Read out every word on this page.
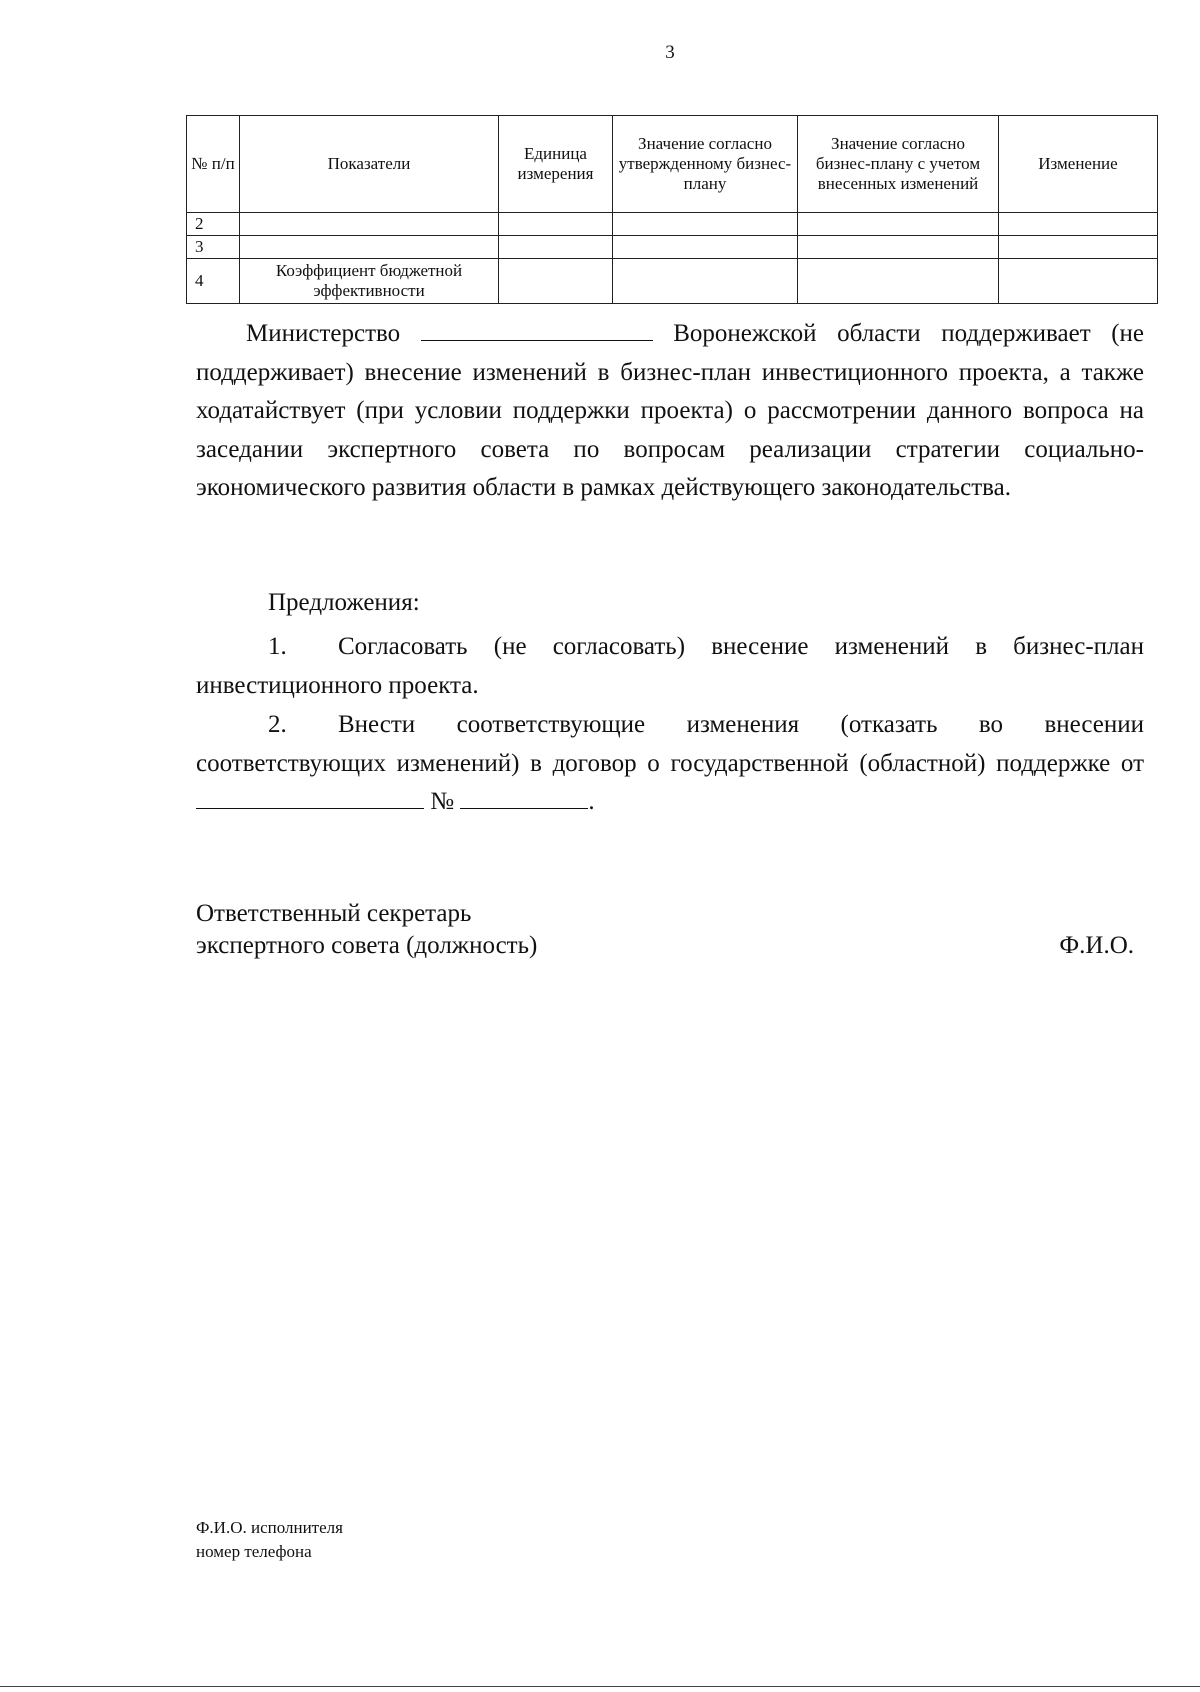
3
№ п/п	Показатели	Единица измерения	Значение согласно утвержденному бизнес-плану	Значение согласно бизнес-плану с учетом внесенных изменений	Изменение
2					
3					
4	Коэффициент бюджетной эффективности				

Министерство	Воронежской области поддерживает (не поддерживает) внесение изменений в бизнес-план инвестиционного проекта, а также ходатайствует (при условии поддержки проекта) о рассмотрении данного вопроса на заседании экспертного совета по вопросам реализации стратегии социально-экономического развития области в рамках действующего законодательства.

Предложения:

1. Согласовать (не согласовать) внесение изменений в бизнес-план инвестиционного проекта.

2. Внести соответствующие изменения (отказать во внесении соответствующих изменений) в договор о государственной (областной) поддержке от  №	.

Ответственный секретарь
экспертного совета (должность)	Ф.И.О.
Ф.И.О. исполнителя
номер телефона
